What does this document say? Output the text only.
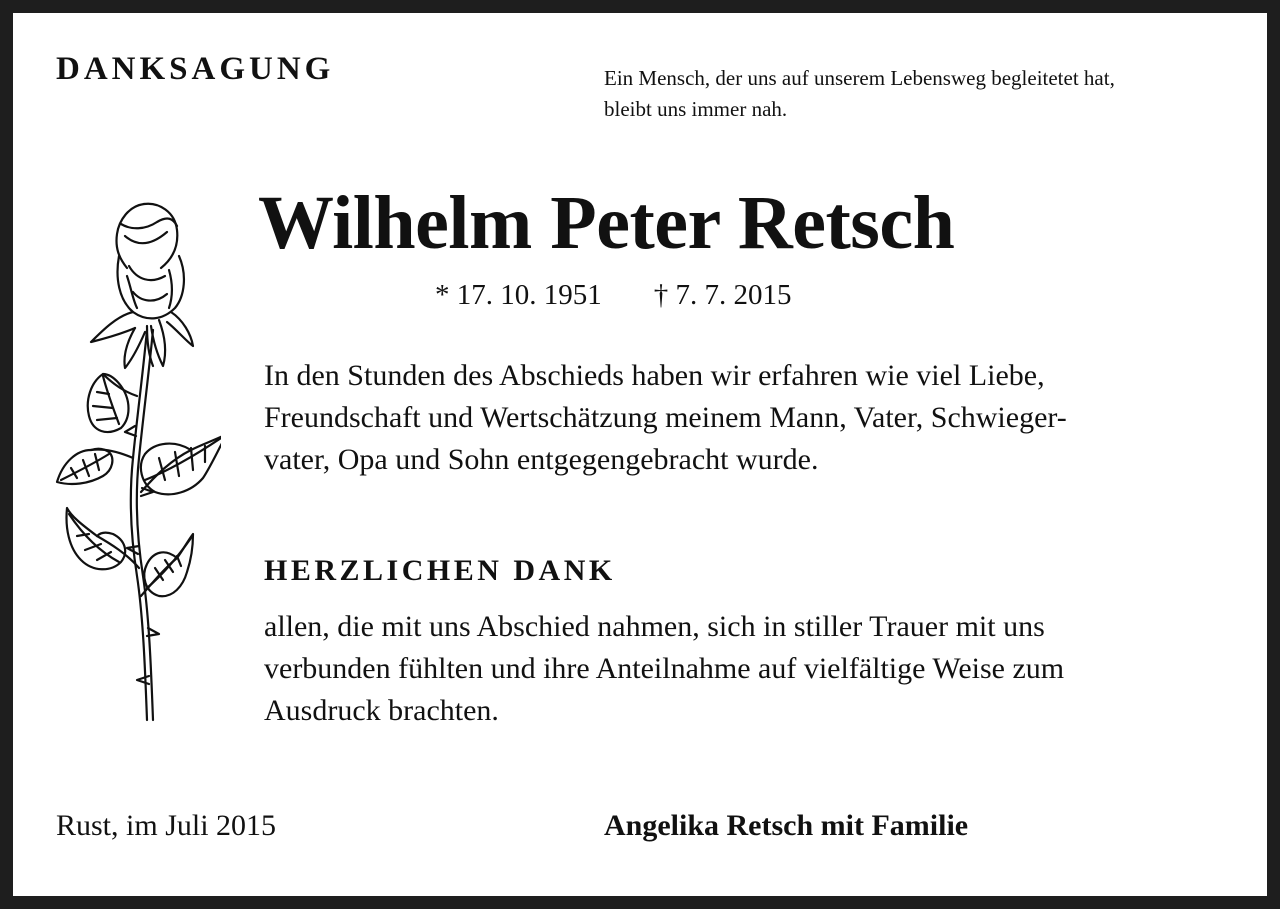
DANKSAGUNG	Ein Mensch, der uns auf unserem Lebensweg begleitetet hat,
bleibt uns immer nah.
Wilhelm Peter Retsch
* 17. 10. 1951 † 7. 7. 2015
In den Stunden des Abschieds haben wir erfahren wie viel Liebe,
Freundschaft und Wertschätzung meinem Mann, Vater, Schwieger-
vater, Opa und Sohn entgegengebracht wurde.
HERZLICHEN DANK
allen, die mit uns Abschied nahmen, sich in stiller Trauer mit uns
verbunden fühlten und ihre Anteilnahme auf vielfältige Weise zum
Ausdruck brachten.
Rust, im Juli 2015	Angelika Retsch mit Familie
